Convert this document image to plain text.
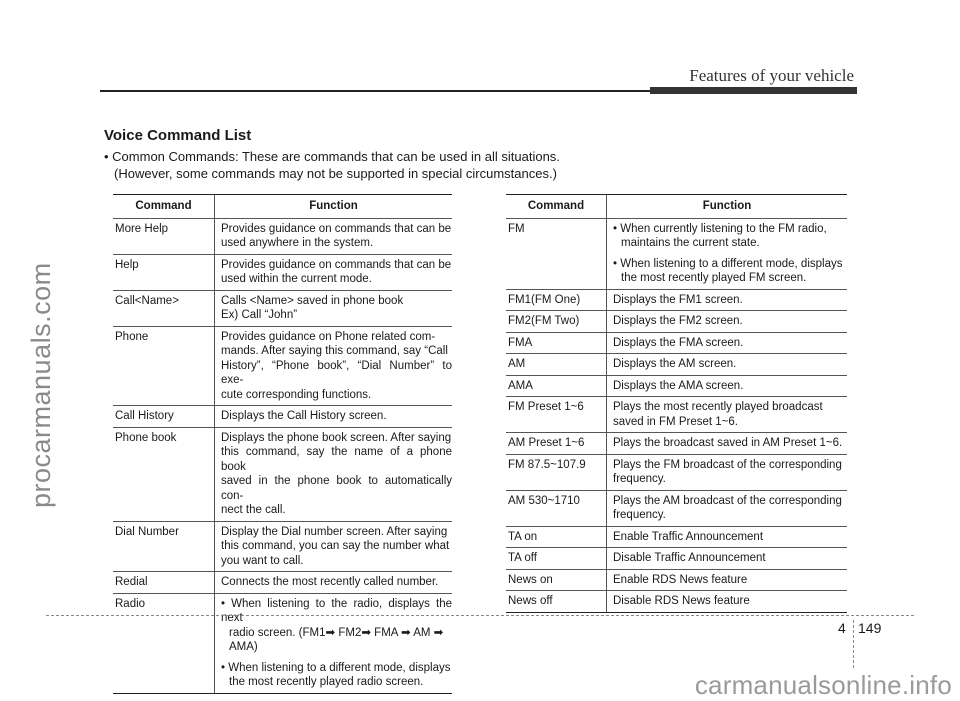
Features of your vehicle
procarmanuals.com
Voice Command List
• Common Commands: These are commands that can be used in all situations.
(However, some commands may not be supported in special circumstances.)
Command	Function
More Help	Provides guidance on commands that can be
used anywhere in the system.

Help	Provides guidance on commands that can be
used within the current mode.

Call<Name>	Calls <Name> saved in phone book
Ex) Call “John”

Phone	Provides guidance on Phone related com-
mands. After saying this command, say “Call
History”, “Phone book”, “Dial Number” to exe-
cute corresponding functions.

Call History	Displays the Call History screen.

Phone book	Displays the phone book screen. After saying
this command, say the name of a phone book
saved in the phone book to automatically con-
nect the call.

Dial Number	Display the Dial number screen. After saying
this command, you can say the number what
you want to call.

Redial	Connects the most recently called number.

Radio	• When listening to the radio, displays the next
radio screen. (FM1➡ FM2➡ FMA ➡ AM ➡
AMA)
• When listening to a different mode, displays
the most recently played radio screen.
Command	Function
FM	• When currently listening to the FM radio,
maintains the current state.
• When listening to a different mode, displays
the most recently played FM screen.

FM1(FM One)	Displays the FM1 screen.

FM2(FM Two)	Displays the FM2 screen.

FMA	Displays the FMA screen.

AM	Displays the AM screen.

AMA	Displays the AMA screen.

FM Preset 1~6	Plays the most recently played broadcast
saved in FM Preset 1~6.

AM Preset 1~6	Plays the broadcast saved in AM Preset 1~6.

FM 87.5~107.9	Plays the FM broadcast of the corresponding
frequency.

AM 530~1710	Plays the AM broadcast of the corresponding
frequency.

TA on	Enable Traffic Announcement

TA off	Disable Traffic Announcement

News on	Enable RDS News feature

News off	Disable RDS News feature
4 149
carmanualsonline.info
